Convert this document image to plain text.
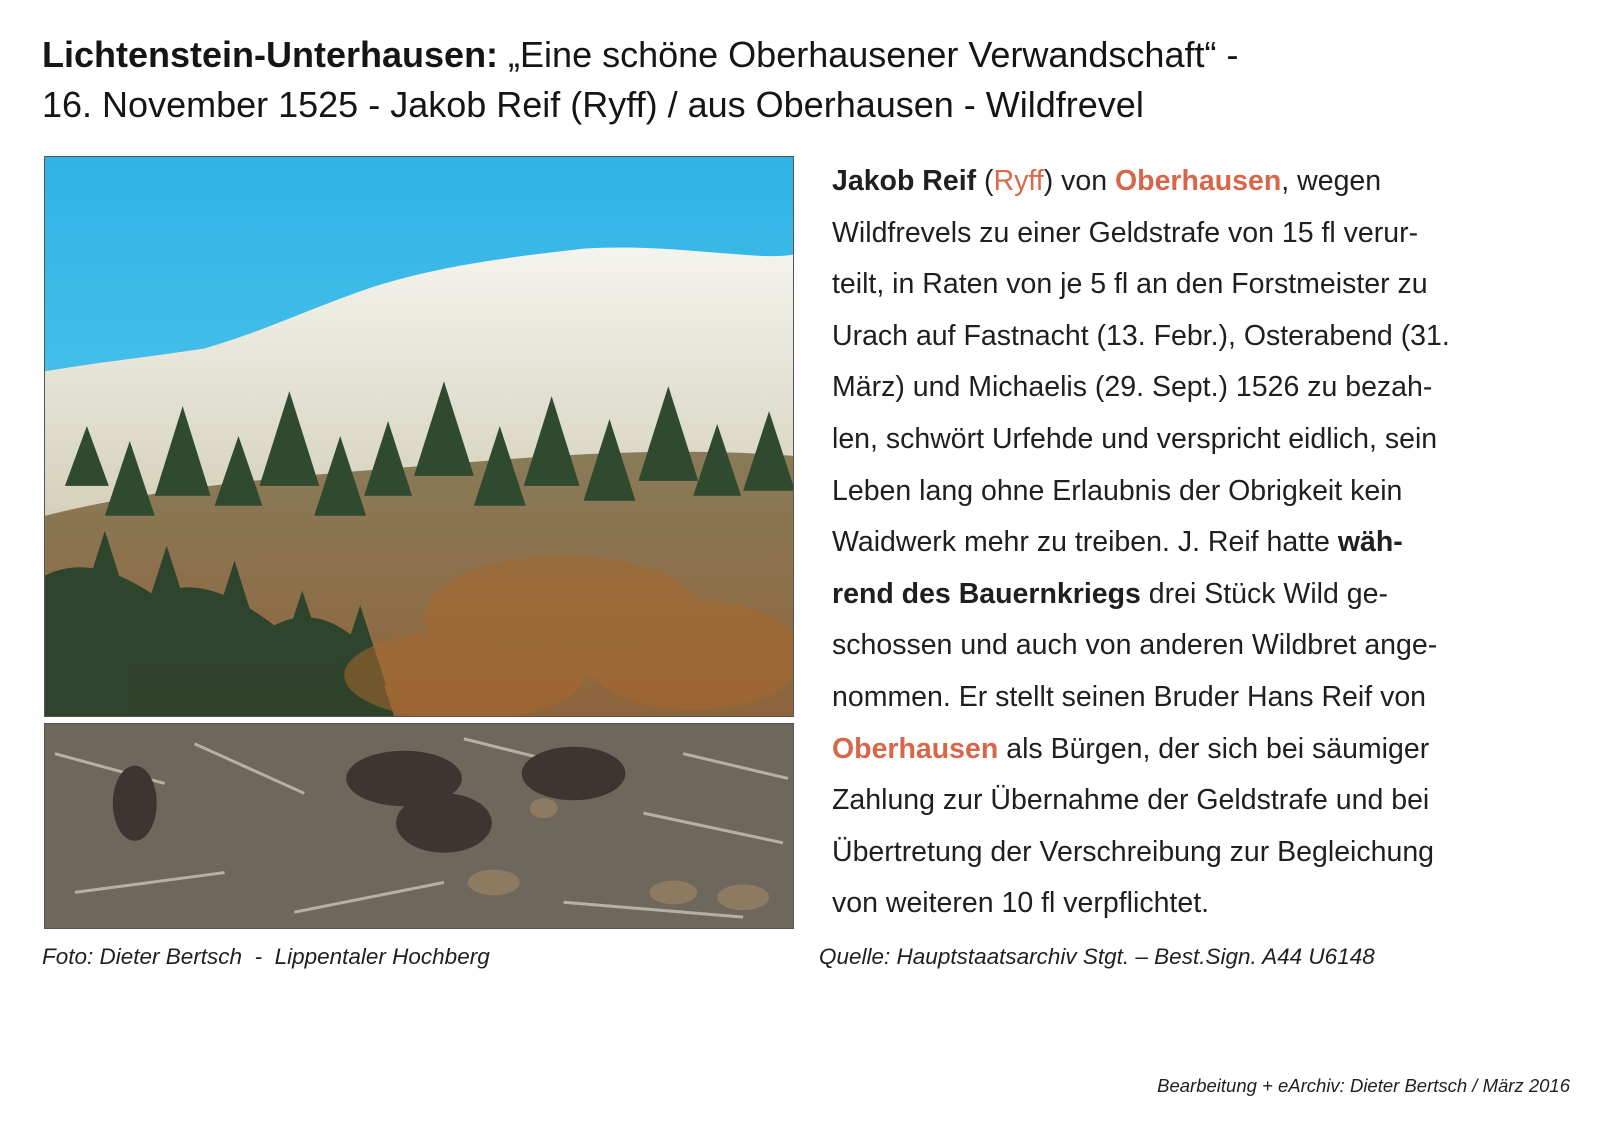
Lichtenstein-Unterhausen: „Eine schöne Oberhausener Verwandschaft“ -
16. November 1525 - Jakob Reif (Ryff) / aus Oberhausen - Wildfrevel
Jakob Reif (Ryff) von Oberhausen, wegen
Wildfrevels zu einer Geldstrafe von 15 fl verur-
teilt, in Raten von je 5 fl an den Forstmeister zu
Urach auf Fastnacht (13. Febr.), Osterabend (31.
März) und Michaelis (29. Sept.) 1526 zu bezah-
len, schwört Urfehde und verspricht eidlich, sein
Leben lang ohne Erlaubnis der Obrigkeit kein
Waidwerk mehr zu treiben. J. Reif hatte wäh-
rend des Bauernkriegs drei Stück Wild ge-
schossen und auch von anderen Wildbret ange-
nommen. Er stellt seinen Bruder Hans Reif von
Oberhausen als Bürgen, der sich bei säumiger
Zahlung zur Übernahme der Geldstrafe und bei
Übertretung der Verschreibung zur Begleichung
von weiteren 10 fl verpflichtet.
Foto: Dieter Bertsch  -  Lippentaler Hochberg	Quelle: Hauptstaatsarchiv Stgt. – Best.Sign. A44 U6148
Bearbeitung + eArchiv: Dieter Bertsch / März 2016
